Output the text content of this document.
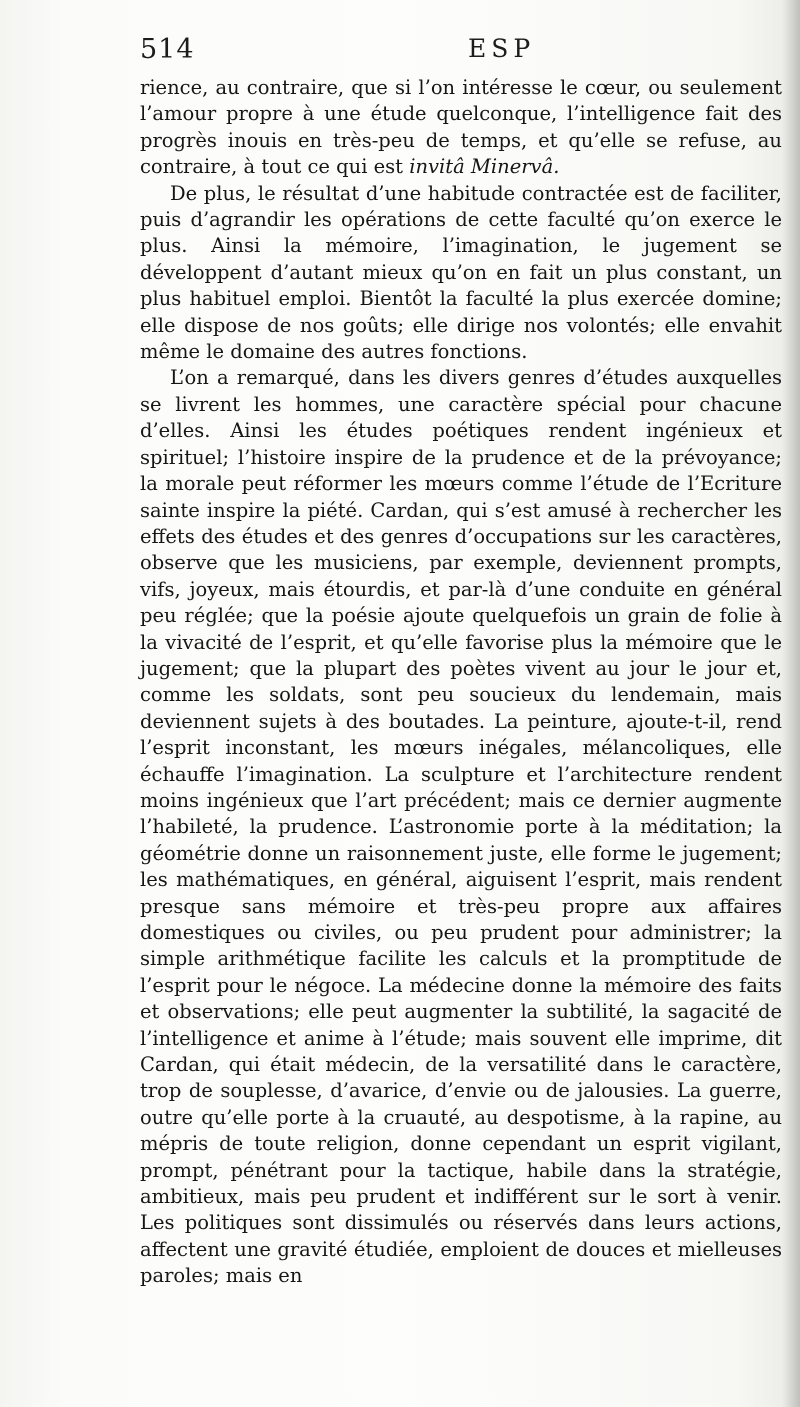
514	ESP

rience, au contraire, que si l’on intéresse le cœur, ou seulement l’amour propre à une étude quelconque, l’intelligence fait des progrès inouis en très-peu de temps, et qu’elle se refuse, au contraire, à tout ce qui est invitâ Minervâ.

De plus, le résultat d’une habitude contractée est de faciliter, puis d’agrandir les opérations de cette faculté qu’on exerce le plus. Ainsi la mémoire, l’imagination, le jugement se développent d’autant mieux qu’on en fait un plus constant, un plus habituel emploi. Bientôt la faculté la plus exercée domine; elle dispose de nos goûts; elle dirige nos volontés; elle envahit même le domaine des autres fonctions.

L’on a remarqué, dans les divers genres d’études auxquelles se livrent les hommes, une caractère spécial pour chacune d’elles. Ainsi les études poétiques rendent ingénieux et spirituel; l’histoire inspire de la prudence et de la prévoyance; la morale peut réformer les mœurs comme l’étude de l’Ecriture sainte inspire la piété. Cardan, qui s’est amusé à rechercher les effets des études et des genres d’occupations sur les caractères, observe que les musiciens, par exemple, deviennent prompts, vifs, joyeux, mais étourdis, et par-là d’une conduite en général peu réglée; que la poésie ajoute quelquefois un grain de folie à la vivacité de l’esprit, et qu’elle favorise plus la mémoire que le jugement; que la plupart des poètes vivent au jour le jour et, comme les soldats, sont peu soucieux du lendemain, mais deviennent sujets à des boutades. La peinture, ajoute-t-il, rend l’esprit inconstant, les mœurs inégales, mélancoliques, elle échauffe l’imagination. La sculpture et l’architecture rendent moins ingénieux que l’art précédent; mais ce dernier augmente l’habileté, la prudence. L’astronomie porte à la méditation; la géométrie donne un raisonnement juste, elle forme le jugement; les mathématiques, en général, aiguisent l’esprit, mais rendent presque sans mémoire et très-peu propre aux affaires domestiques ou civiles, ou peu prudent pour administrer; la simple arithmétique facilite les calculs et la promptitude de l’esprit pour le négoce. La médecine donne la mémoire des faits et observations; elle peut augmenter la subtilité, la sagacité de l’intelligence et anime à l’étude; mais souvent elle imprime, dit Cardan, qui était médecin, de la versatilité dans le caractère, trop de souplesse, d’avarice, d’envie ou de jalousies. La guerre, outre qu’elle porte à la cruauté, au despotisme, à la rapine, au mépris de toute religion, donne cependant un esprit vigilant, prompt, pénétrant pour la tactique, habile dans la stratégie, ambitieux, mais peu prudent et indifférent sur le sort à venir. Les politiques sont dissimulés ou réservés dans leurs actions, affectent une gravité étudiée, emploient de douces et mielleuses paroles; mais en
